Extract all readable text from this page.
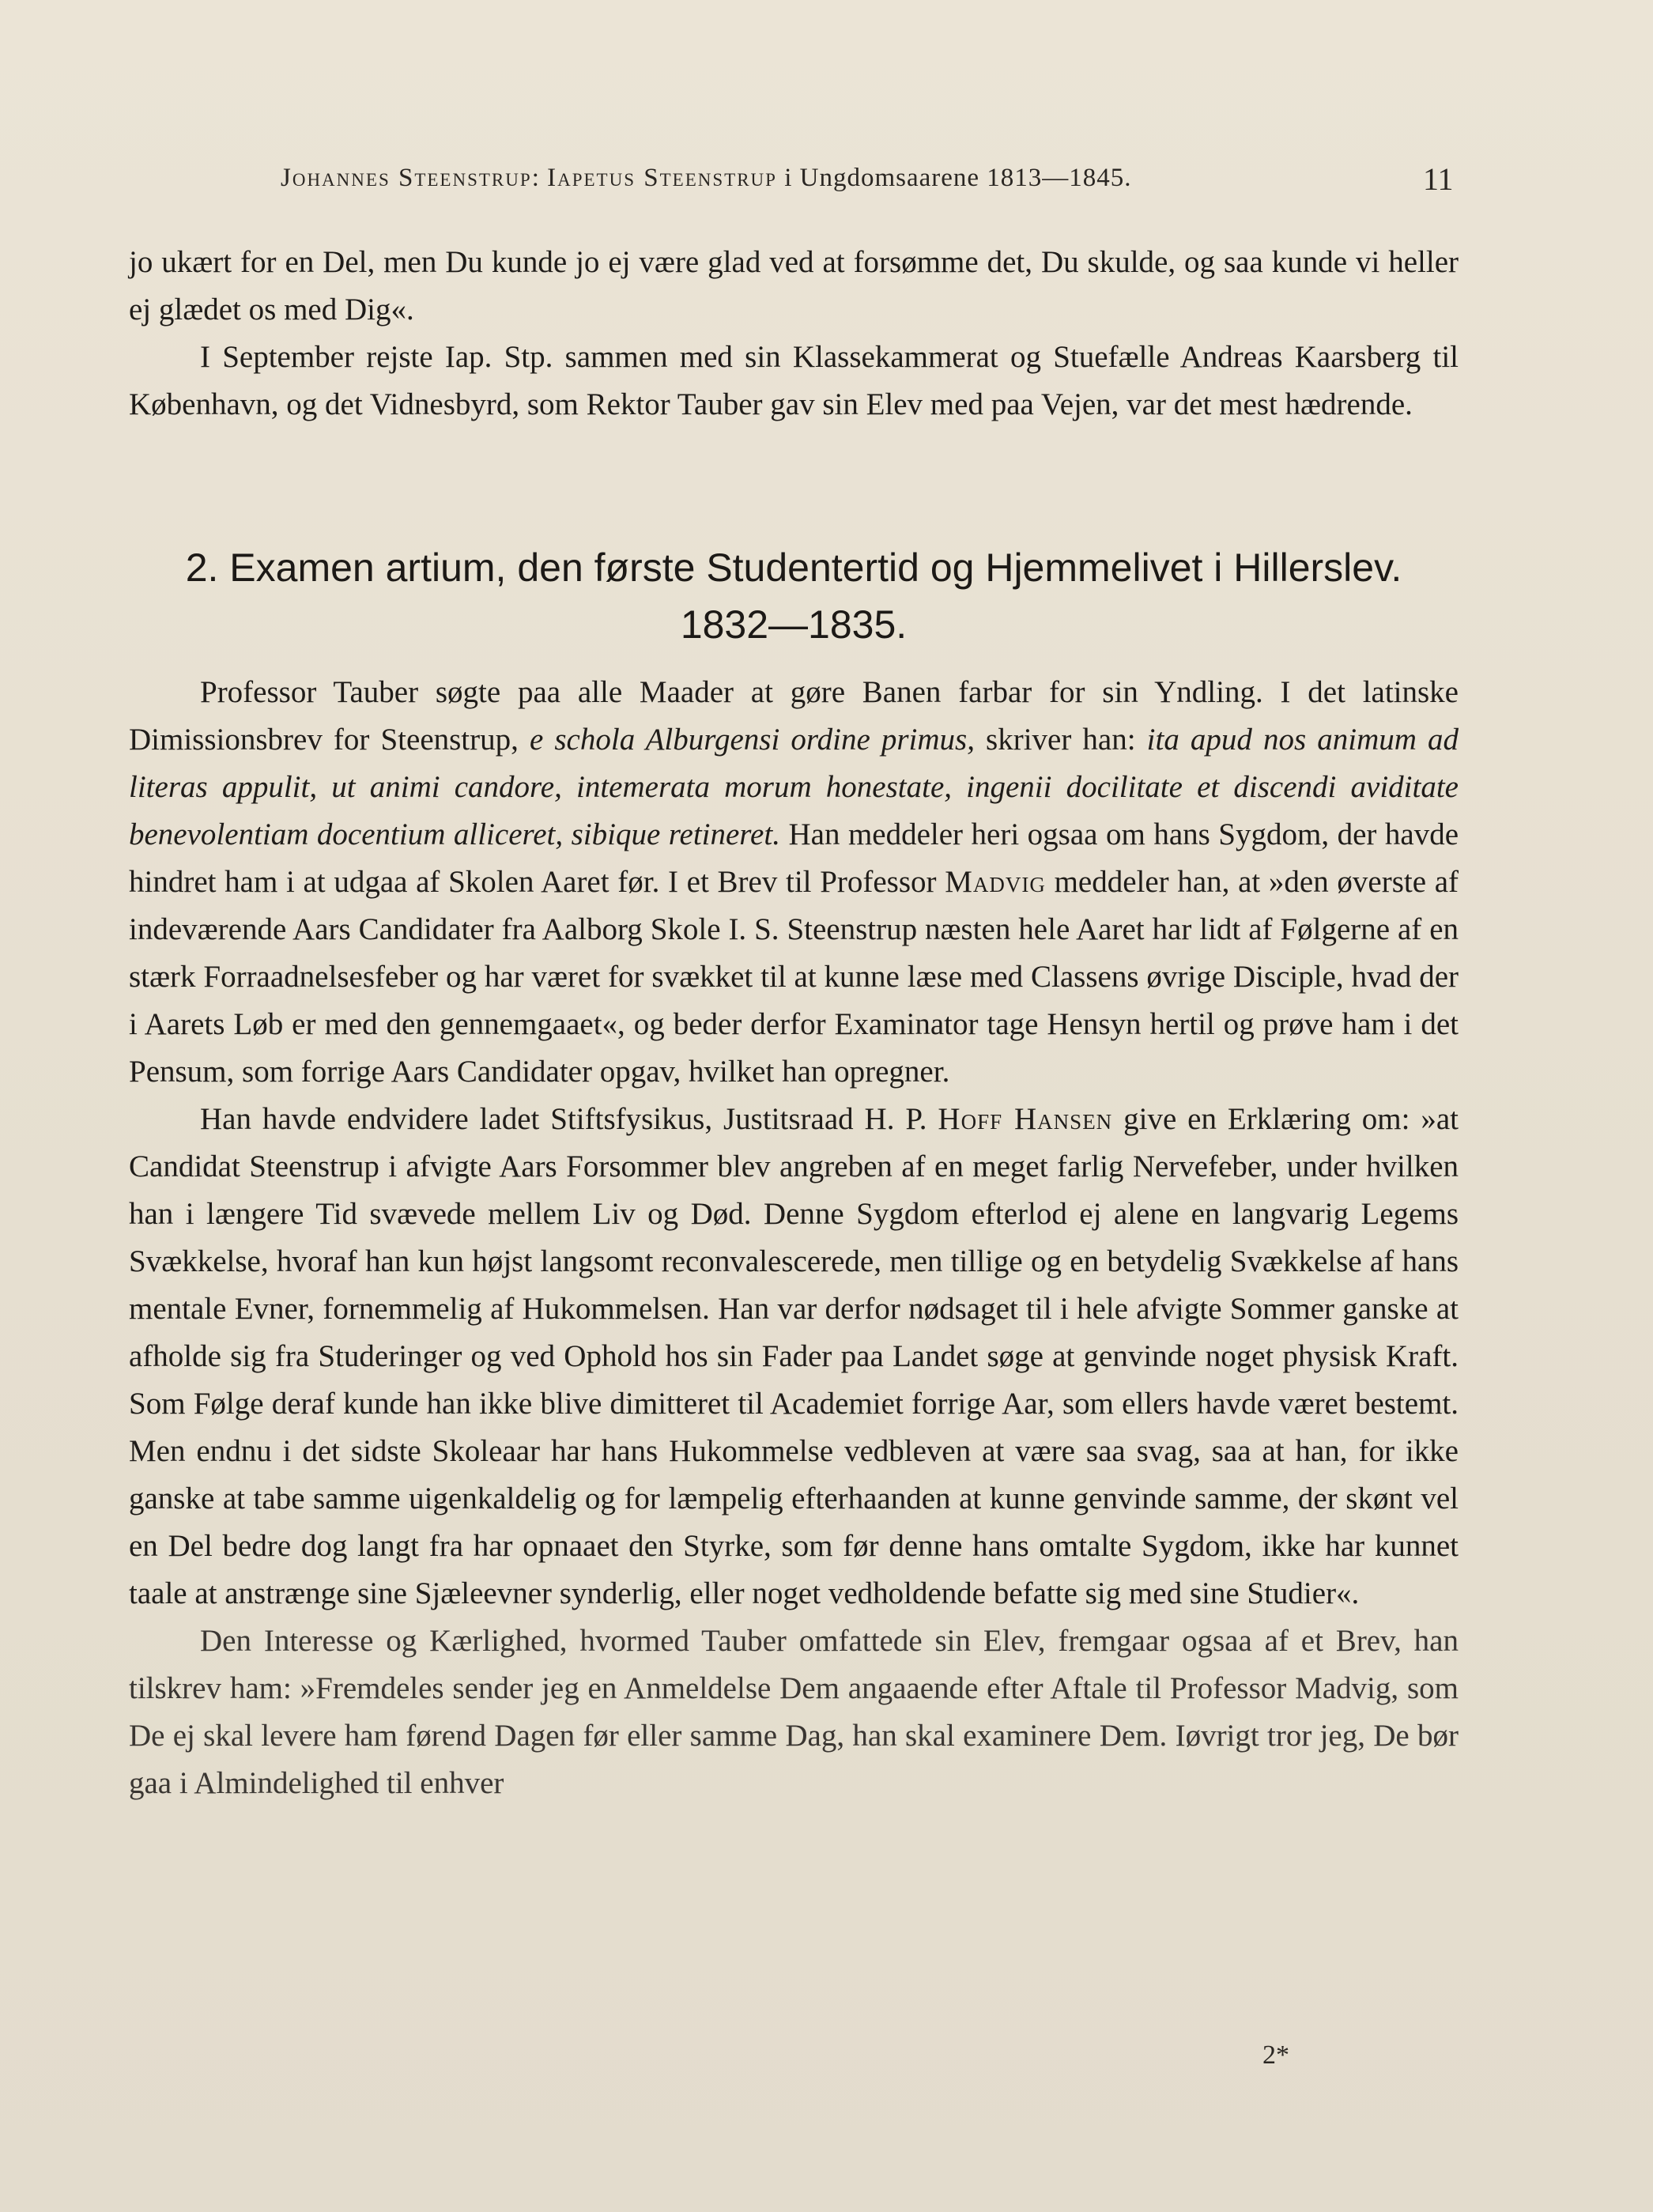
Johannes Steenstrup: Iapetus Steenstrup i Ungdomsaarene 1813—1845.	11

jo ukært for en Del, men Du kunde jo ej være glad ved at forsømme det, Du skulde, og saa kunde vi heller ej glædet os med Dig«.

I September rejste Iap. Stp. sammen med sin Klassekammerat og Stuefælle Andreas Kaarsberg til København, og det Vidnesbyrd, som Rektor Tauber gav sin Elev med paa Vejen, var det mest hædrende.

2. Examen artium, den første Studentertid og Hjemmelivet i Hillerslev.
1832—1835.

Professor Tauber søgte paa alle Maader at gøre Banen farbar for sin Yndling. I det latinske Dimissionsbrev for Steenstrup, e schola Alburgensi ordine primus, skriver han: ita apud nos animum ad literas appulit, ut animi candore, intemerata morum honestate, ingenii docilitate et discendi aviditate benevolentiam docentium alliceret, sibique retineret. Han meddeler heri ogsaa om hans Sygdom, der havde hindret ham i at udgaa af Skolen Aaret før. I et Brev til Professor Madvig meddeler han, at »den øverste af indeværende Aars Candidater fra Aalborg Skole I. S. Steenstrup næsten hele Aaret har lidt af Følgerne af en stærk Forraadnelsesfeber og har været for svækket til at kunne læse med Classens øvrige Disciple, hvad der i Aarets Løb er med den gennemgaaet«, og beder derfor Examinator tage Hensyn hertil og prøve ham i det Pensum, som forrige Aars Candidater opgav, hvilket han opregner.

Han havde endvidere ladet Stiftsfysikus, Justitsraad H. P. Hoff Hansen give en Erklæring om: »at Candidat Steenstrup i afvigte Aars Forsommer blev angreben af en meget farlig Nervefeber, under hvilken han i længere Tid svævede mellem Liv og Død. Denne Sygdom efterlod ej alene en langvarig Legems Svækkelse, hvoraf han kun højst langsomt reconvalescerede, men tillige og en betydelig Svækkelse af hans mentale Evner, fornemmelig af Hukommelsen. Han var derfor nødsaget til i hele afvigte Sommer ganske at afholde sig fra Studeringer og ved Ophold hos sin Fader paa Landet søge at genvinde noget physisk Kraft. Som Følge deraf kunde han ikke blive dimitteret til Academiet forrige Aar, som ellers havde været bestemt. Men endnu i det sidste Skoleaar har hans Hukommelse vedbleven at være saa svag, saa at han, for ikke ganske at tabe samme uigenkaldelig og for læmpelig efterhaanden at kunne genvinde samme, der skønt vel en Del bedre dog langt fra har opnaaet den Styrke, som før denne hans omtalte Sygdom, ikke har kunnet taale at anstrænge sine Sjæleevner synderlig, eller noget vedholdende befatte sig med sine Studier«.

Den Interesse og Kærlighed, hvormed Tauber omfattede sin Elev, fremgaar ogsaa af et Brev, han tilskrev ham: »Fremdeles sender jeg en Anmeldelse Dem angaaende efter Aftale til Professor Madvig, som De ej skal levere ham førend Dagen før eller samme Dag, han skal examinere Dem. Iøvrigt tror jeg, De bør gaa i Almindelighed til enhver

2*
